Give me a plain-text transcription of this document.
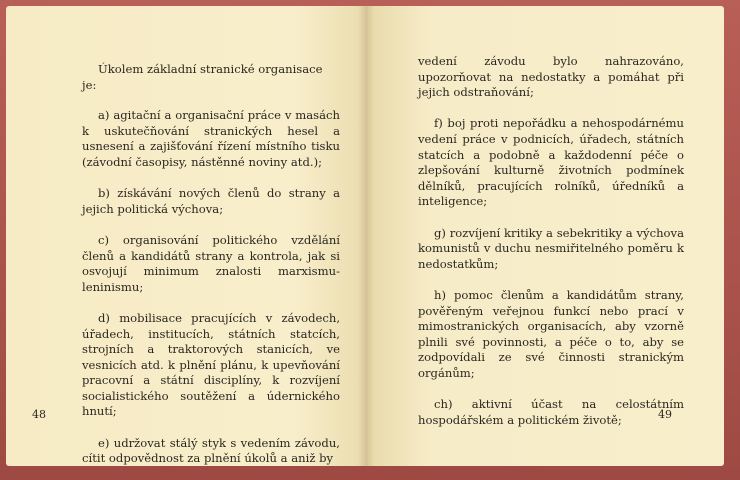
Úkolem základní stranické organisace je:

a) agitační a organisační práce v masách k uskutečňování stranických hesel a usnesení a zajišťování řízení místního tisku (závodní časopisy, nástěnné noviny atd.);

b) získávání nových členů do strany a jejich politická výchova;

c) organisování politického vzdělání členů a kandidátů strany a kontrola, jak si osvojují minimum znalosti marxismu-leninismu;

d) mobilisace pracujících v závodech, úřadech, institucích, státních statcích, strojních a traktorových stanicích, ve vesnicích atd. k plnění plánu, k upevňování pracovní a státní disciplíny, k rozvíjení socialistického soutěžení a údernického hnutí;

e) udržovat stálý styk s vedením závodu, cítit odpovědnost za plnění úkolů a aniž by

48

vedení závodu bylo nahrazováno, upozorňovat na nedostatky a pomáhat při jejich odstraňování;

f) boj proti nepořádku a nehospodárnému vedení práce v podnicích, úřadech, státních statcích a podobně a každodenní péče o zlepšování kulturně životních podmínek dělníků, pracujících rolníků, úředníků a inteligence;

g) rozvíjení kritiky a sebekritiky a výchova komunistů v duchu nesmiřitelného poměru k nedostatkům;

h) pomoc členům a kandidátům strany, pověřeným veřejnou funkcí nebo prací v mimostranických organisacích, aby vzorně plnili své povinnosti, a péče o to, aby se zodpovídali ze své činnosti stranickým orgánům;

ch) aktivní účast na celostátním hospodářském a politickém životě;	49
